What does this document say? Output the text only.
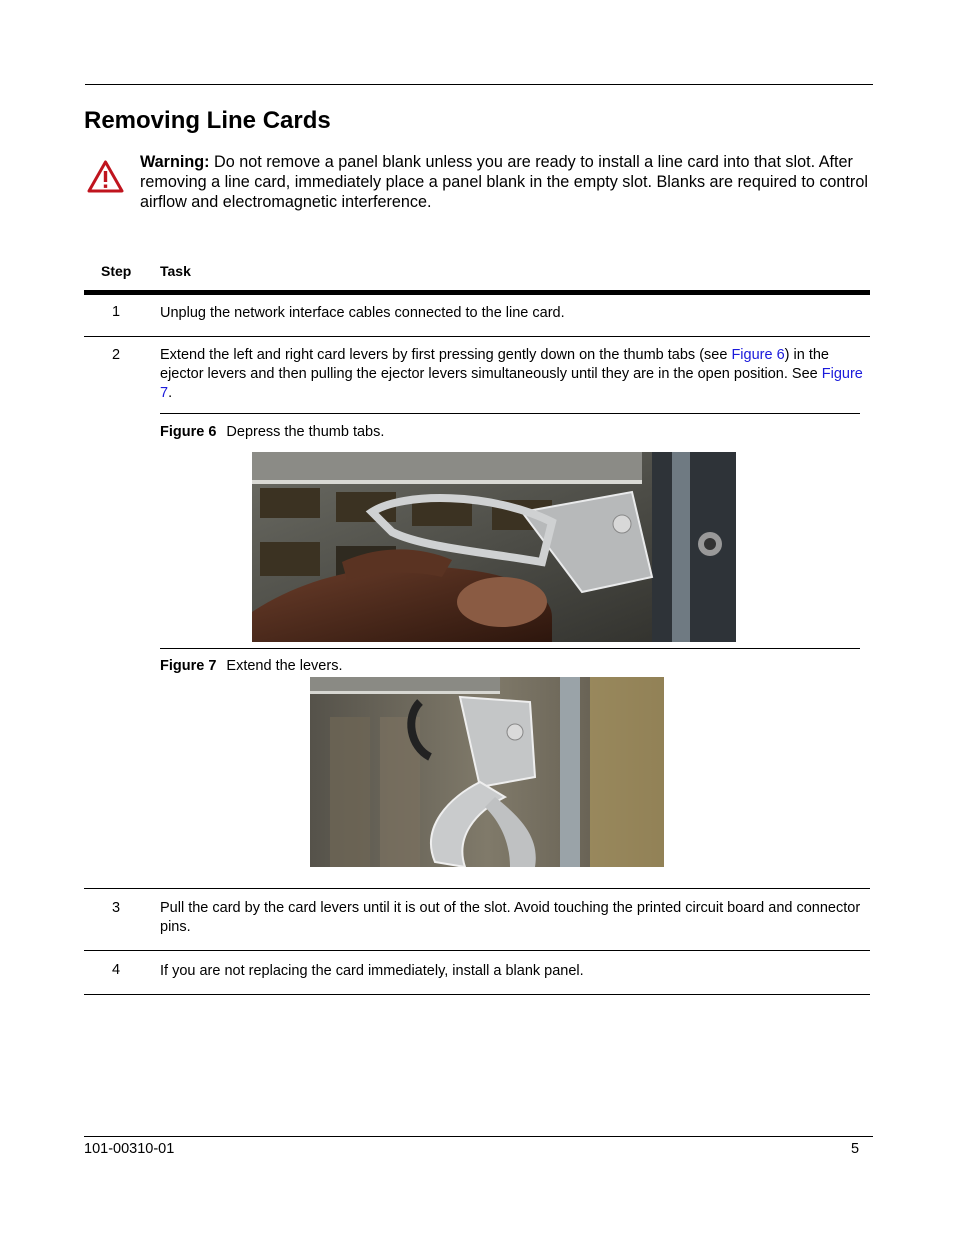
Removing Line Cards
Warning: Do not remove a panel blank unless you are ready to install a line card into that slot. After removing a line card, immediately place a panel blank in the empty slot. Blanks are required to control airflow and electromagnetic interference.
Step Task
1	Unplug the network interface cables connected to the line card.
2	Extend the left and right card levers by first pressing gently down on the thumb tabs (see Figure 6) in the ejector levers and then pulling the ejector levers simultaneously until they are in the open position. See Figure 7.
Figure 6 Depress the thumb tabs.
Figure 7 Extend the levers.
3	Pull the card by the card levers until it is out of the slot. Avoid touching the printed circuit board and connector pins.
4	If you are not replacing the card immediately, install a blank panel.
101-00310-01	5
